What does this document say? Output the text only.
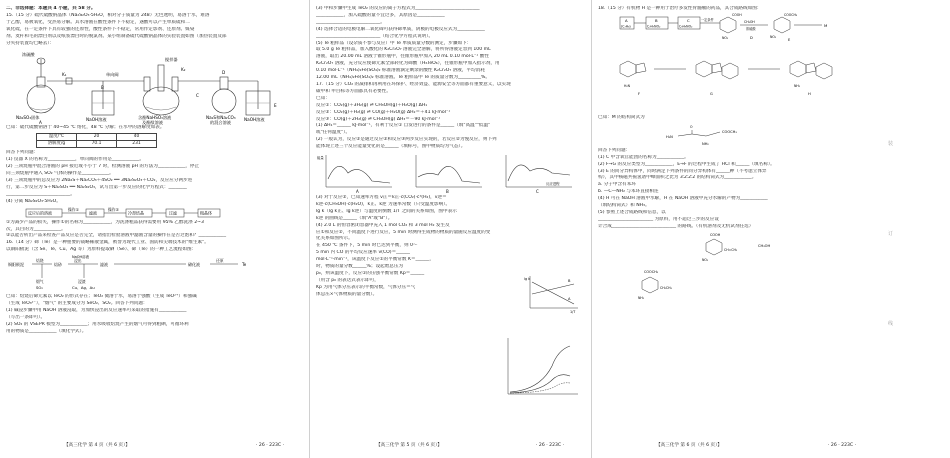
二、非选择题：本题共 4 小题，共 58 分。
15.（15 分）硫代硫酸钠晶体（Na₂S₂O₃·5H₂O，相对分子质量为 248）无色透明，易溶于水，难溶
于乙醇，易被氧化，受热易分解。其水溶液在酸性条件下不稳定，遇酸可以产生单质硫和二
氧化硫，在一定条件下具有较强的还原性，酸性条件下不稳定，常用作定影剂、还原剂、媒染
剂、麦秆和毛的漂白剂以及纸浆漂白时的脱氯剂。某小组制备硫代硫酸钠晶体的实验装置如图（加热装置及部
分夹持装置均已略去）：
浓硫酸
K₁	单向阀
NaOH溶液
K₂
搅拌器
Na₂SO₃固体
A
B
C
含酚NaHSO₃溶液
及酚酞溶液
Na₂S和Na₂CO₃
的混合溶液
D
NaOH溶液
E
已知：硫代硫酸钠溶于 40~45 ℃ 熔化，48 ℃ 分解；在水中的溶解度如表。
温度/℃	20	40
溶解度/g	70.1	231
回答下列问题：
(1) 仪器 X 的名称为____________，单向阀的作用是____________。
(2) 三颈烧瓶中混合溶液的 pH 接近或不小于 7 时，检测溶液 pH 的方法为____________，停止
向三颈烧瓶中通入 SO₂ 气体的操作是____________。
(3) 三颈烧瓶中的总反应为 2Na₂S＋Na₂CO₃＋4SO₂ ══ 3Na₂S₂O₃＋CO₂，反应应分两步进
行，第二步反应为 S＋Na₂SO₃ ══ Na₂S₂O₃，试写出第一步反应的化学方程式：________
____________________________。
(4) 分离 Na₂S₂O₃·5H₂O。
反应后的溶液
操作①
滤液
操作②
冷却结晶	过滤	粗晶体
①为减少产品的损失，操作①的名称为____________，为洗涤粗品获得需要用 95% 乙醇洗涤 2~3
次，其目的为____________。
②以能否析出产品来检查产品反应是否完全，请指出检验溶液中滤液含量的操作在是否过饱和？____________
16.（14 分）碲（Te）是一种重要的战略稀散金属，被誉为现代工业、国防和尖端技术的"维生素"。
以铜阳极泥（含 Se、Te、Cu、Ag 等）为原料提取硒（Se）、碲（Te）的一种工艺流程如图：
铜阳极泥
焙烧
烟气
SO₂
焙砂
浸出
NaOH溶液
浸渣
Cu、Ag、Au
滤液	碲化液
还原
Te
已知：焙烧后碲元素以 TeO₂ 的形式存在；TeO₂ 微溶于水，易溶于强酸（生成 TeO²⁺）和强碱
（生成 TeO₃²⁻），"烟气" 的主要成分为 SeO₂、SO₂。回答下列问题：
(1) 碱浸步骤中用 NaOH 溶液浸取，为加快浸出的反应速率可采取的措施有____________
（写出一条即可）。
(2) SO₂ 的 VSEPR 模型为____________；用水吸收焙烧产生的烟气可得到粗硒，可循环利
用的物质是____________（填化学式）。
【高三化学 第 4 页（共 6 页）】	· 26 · 223C ·
(3) 中和步骤中生成 TeO₂ 的反应的离子方程式为____________________________
____________，加入硫酸的量不宜过多，其原因是____________
____________________________。
(4) 选择合适的电极电解二氧化碲可获得碲单质，阴极的电极反应式为____________
____________________________（结合化学方程式说明）。
(5) Te 粗样品（设杂质不参与反应）中 Te 单质质量分数的测定，步骤如下：
取 5.0 g Te 粗样品，加入酸化的 K₂Cr₂O₇ 溶液完全溶解，将所得溶液定容到 100 mL
溶液，取出 20.00 mL 溶液于锥形瓶中，往锥形瓶中加入 20 mL 0.10 mol·L⁻¹ 酸性
K₂Cr₂O₇ 溶液，充分反应使碲元素全部转化为碲酸（H₆TeO₆），往锥形瓶中加入指示剂，用
0.10 mol·L⁻¹（NH₄)₂Fe(SO₄)₂ 标准溶液滴定剩余的酸性 K₂Cr₂O₇ 溶液，平均消耗
12.00 mL（NH₄)₂Fe(SO₄)₂ 标准溶液。Te 粗样品中 Te 的质量分数为__________%。
17.（15 分）CO₂ 的减排和再利用在环保护、经济效益、能源安全等方面都有重要意义，以实现
碳中和 申目标等方面都具有必要性。
已知：
反应①：CO₂(g)＋3H₂(g) ⇌ CH₃OH(g)＋H₂O(g) ΔH₁
反应②：CO₂(g)＋H₂(g) ⇌ CO(g)＋H₂O(g) ΔH₂＝＋41 kJ·mol⁻¹
反应③：CO(g)＋2H₂(g) ⇌ CH₃OH(g) ΔH₃＝－90 kJ·mol⁻¹
(1) ΔH₁＝______ kJ·mol⁻¹，有利于反应① 自发进行的条件是______（填"高温""低温"
或"任何温度"）。
(2) 一般认为，反应②是通过反应②和反应③两步反应实现的，若反应②为慢反应，则下列
能体现上述三个反应能量变化的是______（填标号，图中物质均为气态）。
A
能量
B	C
反应进程
(3) 对于反应②，已知速率方程 v正＝k正·c(CO₂)·c³(H₂)，v逆＝
k逆·c(CH₃OH)·c(H₂O)，k正、k逆 为速率常数（只受温度影响）。
lg k（lg k正、lg k逆）与温度的倒数 1/T 之间的关系如图，图中表示
k逆 的曲线是______（填"A"或"B"）。
(4) 2.0 L 的恒容密闭容器中充入 1 mol CO₂ 和 3 mol H₂ 发生反
应①和反应②，不同温度下进行反应，5 min 时测得生成物的物质的量随反应温度的变
化关系如图所示。
在 450 ℃ 条件下，5 min 时已达到平衡，则 0～
5 min 内 CO 的平均反应速率 v(CO)＝______
mol·L⁻¹·min⁻¹，该温度下反应①的平衡常数 K＝______，
时，物质的量分数______%；设起始总压为
p₀，则该温度下，反应①的压强平衡常数 Kp＝______
（用含 p₀ 的表达式表示即可，
Kp 为用气体分压表示的平衡常数，气体分压＝气
体总压×气体物质的量分数）。
lg k
A
B
1/T
【高三化学 第 5 页（共 6 页）】	· 26 · 223C ·
18.（15 分）有机物 H 是一种用于治疗多发性骨髓瘤的药品，其合成路线如图：
A
(C₇H₈)
B
C₇H₇NO₂
C
C₉H₉NO₂
一定条件
COOH
NO₂
CH₃OH
浓硫酸
D	E
COOCH₃
NO₂
M
H₂N
F	G
NH₂
H
已知：M 的结构简式为
O
COOCH₃
H₂N
NH₂
回答下列问题：
(1) C 中含氧官能团的名称为____________。
(2) F→G 的反应类型为____________，E→F 的过程中生成了 HCl 和______（填名称）。
(3) E 的同分异构体中，同时满足下列条件的同分异构体有______种（不考虑立体异
构），其中核磁共振氢谱中峰面积之比为 3∶2∶2∶2 的结构简式为____________。
a. 分子中含有苯环
b. —C—NH₂ 与苯环直接相连
(4) H 可在 NaOH 溶液中水解，H 在 NaOH 溶液中充分水解的产物为____________
（填结构简式）和 NH₃。
(5) 参照上述合成路线和信息，以
________________________ 为原料，用不超过三步的反应设
计合成____________________________ 的路线。（有机溶剂及无机试剂任选）
COOH
CH₃OH
CH=CH₂
NO₂
COOCH₃
CH₂CH₃
NH₂
【高三化学 第 6 页（共 6 页）】	· 26 · 223C ·
装
订
线
